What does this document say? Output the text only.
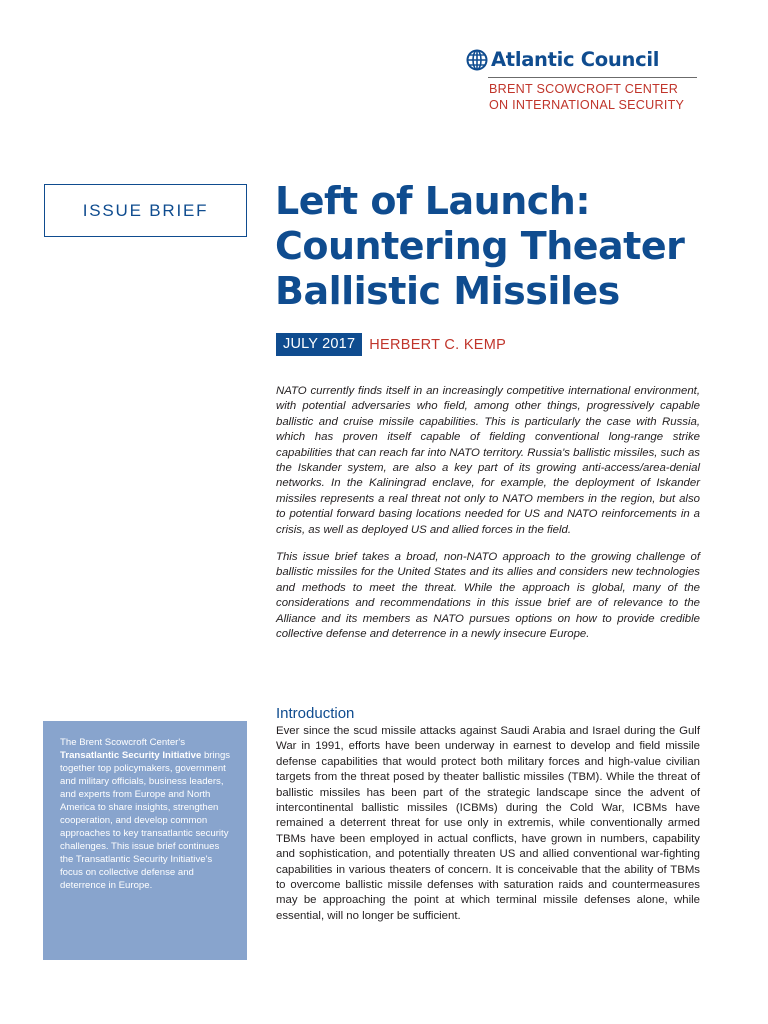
Atlantic Council
BRENT SCOWCROFT CENTER
ON INTERNATIONAL SECURITY
ISSUE BRIEF Left of Launch:
Countering Theater
Ballistic Missiles
JULY 2017 HERBERT C. KEMP

NATO currently finds itself in an increasingly competitive international environment, with potential adversaries who field, among other things, progressively capable ballistic and cruise missile capabilities. This is particularly the case with Russia, which has proven itself capable of fielding conventional long-range strike capabilities that can reach far into NATO territory. Russia's ballistic missiles, such as the Iskander system, are also a key part of its growing anti-access/area-denial networks. In the Kaliningrad enclave, for example, the deployment of Iskander missiles represents a real threat not only to NATO members in the region, but also to potential forward basing locations needed for US and NATO reinforcements in a crisis, as well as deployed US and allied forces in the field.

This issue brief takes a broad, non-NATO approach to the growing challenge of ballistic missiles for the United States and its allies and considers new technologies and methods to meet the threat. While the approach is global, many of the considerations and recommendations in this issue brief are of relevance to the Alliance and its members as NATO pursues options on how to provide credible collective defense and deterrence in a newly insecure Europe.

Introduction

Ever since the scud missile attacks against Saudi Arabia and Israel during the Gulf War in 1991, efforts have been underway in earnest to develop and field missile defense capabilities that would protect both military forces and high-value civilian targets from the threat posed by theater ballistic missiles (TBM). While the threat of ballistic missiles has been part of the strategic landscape since the advent of intercontinental ballistic missiles (ICBMs) during the Cold War, ICBMs have remained a deterrent threat for use only in extremis, while conventionally armed TBMs have been employed in actual conflicts, have grown in numbers, capability and sophistication, and potentially threaten US and allied conventional war-fighting capabilities in various theaters of concern. It is conceivable that the ability of TBMs to overcome ballistic missile defenses with saturation raids and countermeasures may be approaching the point at which terminal missile defenses alone, while essential, will no longer be sufficient.

The Brent Scowcroft Center's Transatlantic Security Initiative brings together top policymakers, government and military officials, business leaders, and experts from Europe and North America to share insights, strengthen cooperation, and develop common approaches to key transatlantic security challenges. This issue brief continues the Transatlantic Security Initiative's focus on collective defense and deterrence in Europe.
